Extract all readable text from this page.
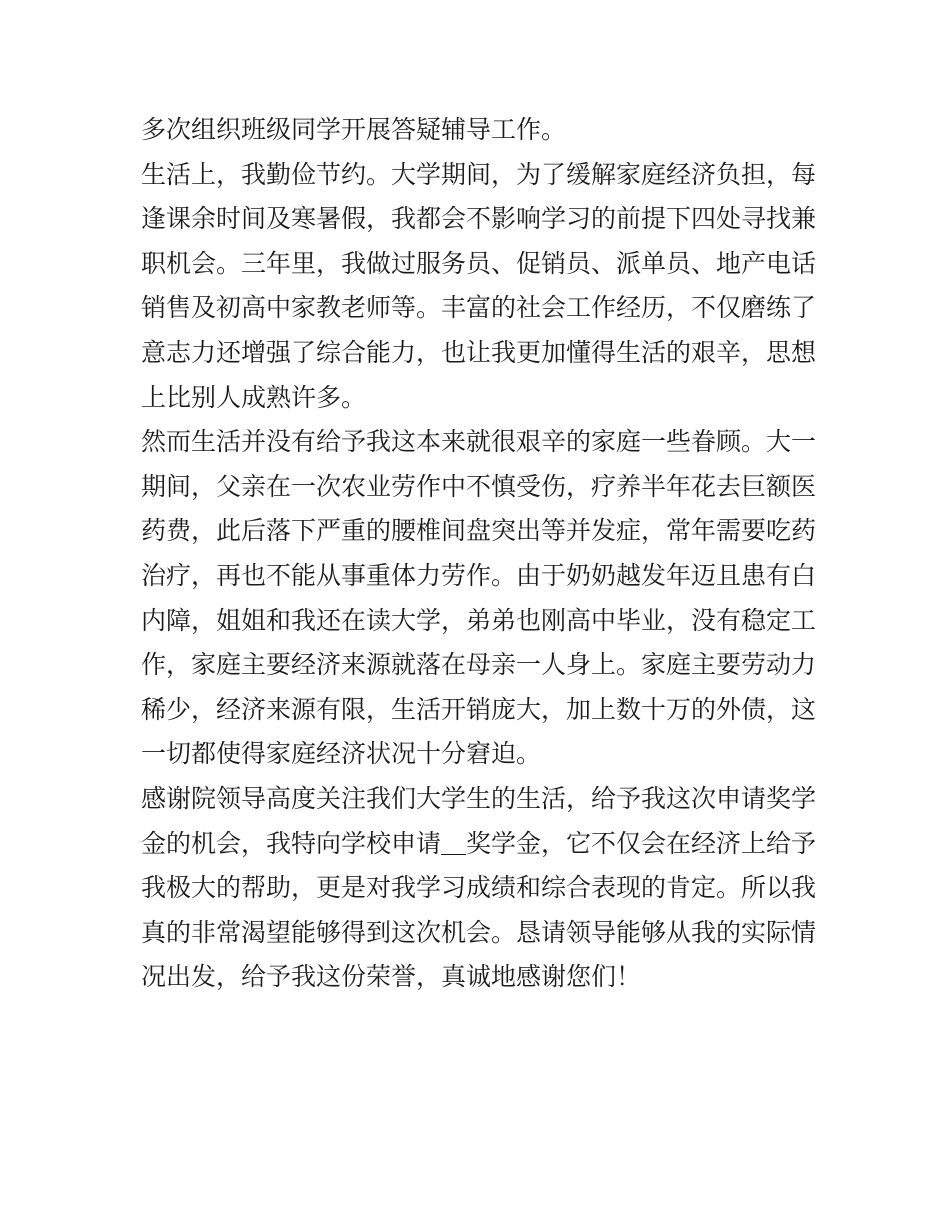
多次组织班级同学开展答疑辅导工作。
生活上，我勤俭节约。大学期间，为了缓解家庭经济负担，每
逢课余时间及寒暑假，我都会不影响学习的前提下四处寻找兼
职机会。三年里，我做过服务员、促销员、派单员、地产电话
销售及初高中家教老师等。丰富的社会工作经历，不仅磨练了
意志力还增强了综合能力，也让我更加懂得生活的艰辛，思想
上比别人成熟许多。
然而生活并没有给予我这本来就很艰辛的家庭一些眷顾。大一
期间，父亲在一次农业劳作中不慎受伤，疗养半年花去巨额医
药费，此后落下严重的腰椎间盘突出等并发症，常年需要吃药
治疗，再也不能从事重体力劳作。由于奶奶越发年迈且患有白
内障，姐姐和我还在读大学，弟弟也刚高中毕业，没有稳定工
作，家庭主要经济来源就落在母亲一人身上。家庭主要劳动力
稀少，经济来源有限，生活开销庞大，加上数十万的外债，这
一切都使得家庭经济状况十分窘迫。
感谢院领导高度关注我们大学生的生活，给予我这次申请奖学
金的机会，我特向学校申请＿奖学金，它不仅会在经济上给予
我极大的帮助，更是对我学习成绩和综合表现的肯定。所以我
真的非常渴望能够得到这次机会。恳请领导能够从我的实际情
况出发，给予我这份荣誉，真诚地感谢您们！
